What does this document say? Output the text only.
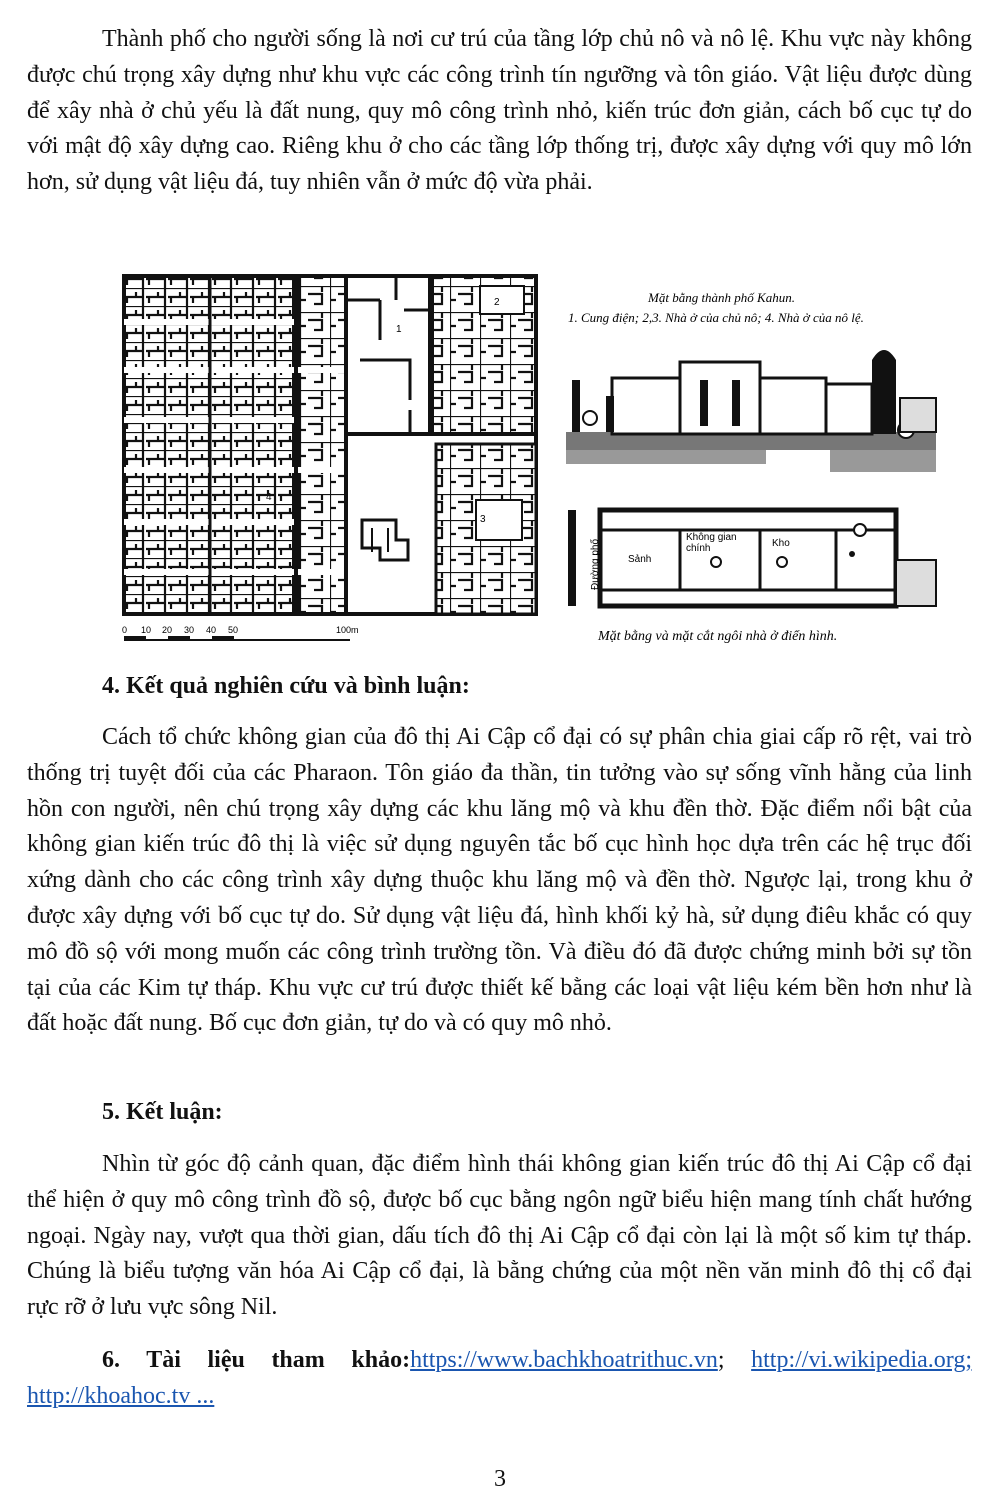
Thành phố cho người sống là nơi cư trú của tầng lớp chủ nô và nô lệ. Khu vực này không được chú trọng xây dựng như khu vực các công trình tín ngưỡng và tôn giáo. Vật liệu được dùng để xây nhà ở chủ yếu là đất nung, quy mô công trình nhỏ, kiến trúc đơn giản, cách bố cục tự do với mật độ xây dựng cao. Riêng khu ở cho các tầng lớp thống trị, được xây dựng với quy mô lớn hơn, sử dụng vật liệu đá, tuy nhiên vẫn ở mức độ vừa phải.

1
2
3
4
0 10 20 30 40 50	100m
Mặt bằng thành phố Kahun.
1. Cung điện; 2,3. Nhà ở của chủ nô; 4. Nhà ở của nô lệ.
Đường phố	Sảnh
Không gian
chính	Kho
Mặt bằng và mặt cắt ngôi nhà ở điển hình.

4. Kết quả nghiên cứu và bình luận:

Cách tổ chức không gian của đô thị Ai Cập cổ đại có sự phân chia giai cấp rõ rệt, vai trò thống trị tuyệt đối của các Pharaon. Tôn giáo đa thần, tin tưởng vào sự sống vĩnh hằng của linh hồn con người, nên chú trọng xây dựng các khu lăng mộ và khu đền thờ. Đặc điểm nổi bật của không gian kiến trúc đô thị là việc sử dụng nguyên tắc bố cục hình học dựa trên các hệ trục đối xứng dành cho các công trình xây dựng thuộc khu lăng mộ và đền thờ. Ngược lại, trong khu ở được xây dựng với bố cục tự do. Sử dụng vật liệu đá, hình khối kỷ hà, sử dụng điêu khắc có quy mô đồ sộ với mong muốn các công trình trường tồn. Và điều đó đã được chứng minh bởi sự tồn tại của các Kim tự tháp. Khu vực cư trú được thiết kế bằng các loại vật liệu kém bền hơn như là đất hoặc đất nung. Bố cục đơn giản, tự do và có quy mô nhỏ.

5. Kết luận:

Nhìn từ góc độ cảnh quan, đặc điểm hình thái không gian kiến trúc đô thị Ai Cập cổ đại thể hiện ở quy mô công trình đồ sộ, được bố cục bằng ngôn ngữ biểu hiện mang tính chất hướng ngoại. Ngày nay, vượt qua thời gian, dấu tích đô thị Ai Cập cổ đại còn lại là một số kim tự tháp. Chúng là biểu tượng văn hóa Ai Cập cổ đại, là bằng chứng của một nền văn minh đô thị cổ đại rực rỡ ở lưu vực sông Nil.

6. Tài liệu tham khảo:https://www.bachkhoatrithuc.vn; http://vi.wikipedia.org; http://khoahoc.tv ...

3
